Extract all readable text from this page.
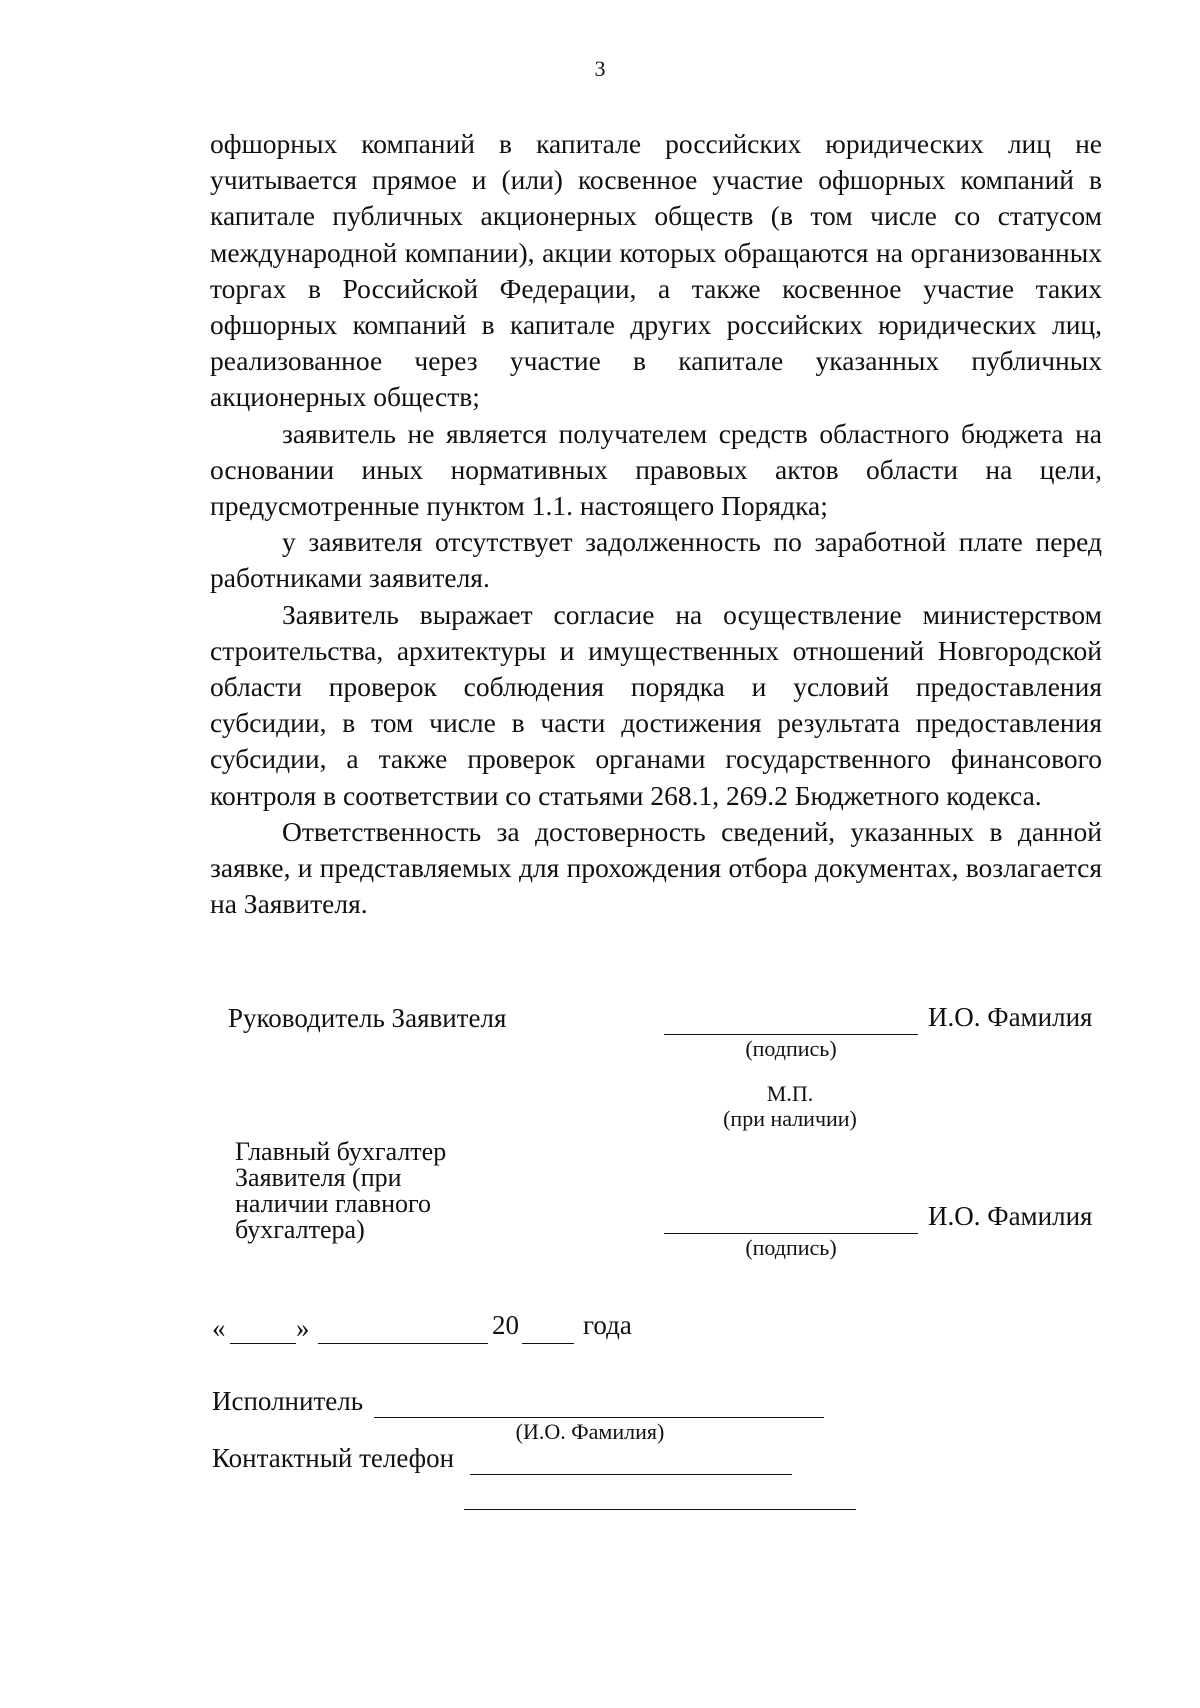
3

офшорных компаний в капитале российских юридических лиц не учитывается прямое и (или) косвенное участие офшорных компаний в капитале публичных акционерных обществ (в том числе со статусом международной компании), акции которых обращаются на организованных торгах в Российской Федерации, а также косвенное участие таких офшорных компаний в капитале других российских юридических лиц, реализованное через участие в капитале указанных публичных акционерных обществ;

заявитель не является получателем средств областного бюджета на основании иных нормативных правовых актов области на цели, предусмотренные пунктом 1.1. настоящего Порядка;

у заявителя отсутствует задолженность по заработной плате перед работниками заявителя.

Заявитель выражает согласие на осуществление министерством строительства, архитектуры и имущественных отношений Новгородской области проверок соблюдения порядка и условий предоставления субсидии, в том числе в части достижения результата предоставления субсидии, а также проверок органами государственного финансового контроля в соответствии со статьями 268.1, 269.2 Бюджетного кодекса.

Ответственность за достоверность сведений, указанных в данной заявке, и представляемых для прохождения отбора документах, возлагается на Заявителя.

Руководитель Заявителя	И.О. Фамилия
(подпись)
М.П.
(при наличии)
Главный бухгалтер Заявителя (при наличии главного бухгалтера)	И.О. Фамилия
(подпись)
«	»	20 года
Исполнитель
(И.О. Фамилия)
Контактный телефон
